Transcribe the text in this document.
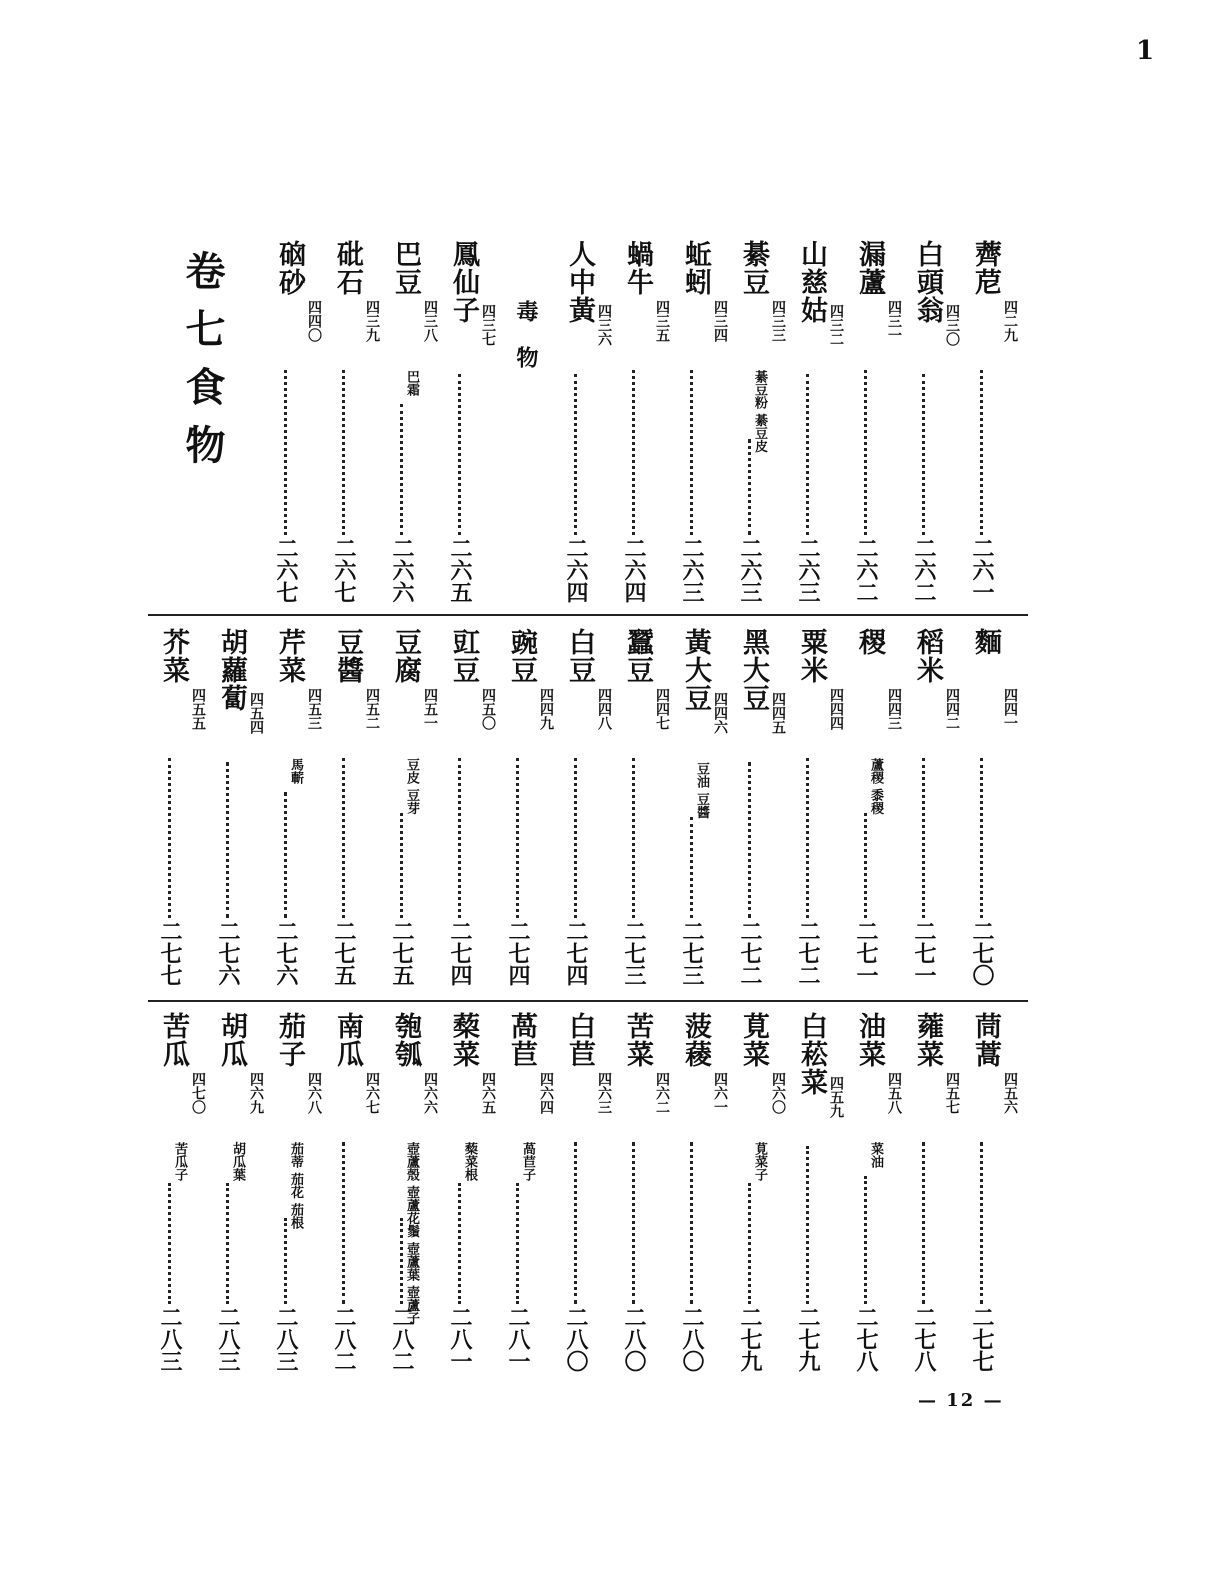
1
卷七食物	薺苨
四二九
二六一
白頭翁
四三〇
二六二
漏蘆
四三一
二六二
山慈姑
四三二
二六三
綦豆
四三三
綦豆粉 綦豆皮
二六三
蚯蚓
四三四
二六三
蝸牛
四三五
二六四
人中黃
四三六
二六四
毒物
鳳仙子
四三七
二六五
巴豆
四三八
巴霜
二六六
砒石
四三九
二六七
硇砂
四四〇
二六七
麵
四四一
二七〇
稻米
四四二
二七一
稷
四四三
蘆稷 黍稷
二七一
粟米
四四四
二七二
黑大豆
四四五
二七二
黃大豆
四四六
豆油 豆醬
二七三
蠶豆
四四七
二七三
白豆
四四八
二七四
豌豆
四四九
二七四
豇豆
四五〇
二七四
豆腐
四五一
豆皮 豆芽
二七五
豆醬
四五二
二七五
芹菜
四五三
馬蘄
二七六
胡蘿蔔
四五四
二七六
芥菜
四五五
二七七
茼蒿
四五六
二七七
蕹菜
四五七
二七八
油菜
四五八
菜油
二七八
白菘菜
四五九
二七九
莧菜
四六〇
莧菜子
二七九
菠薐
四六一
二八〇
苦菜
四六二
二八〇
白苣
四六三
二八〇
萵苣
四六四
萵苣子
二八一
蔾菜
四六五
蔾菜根
二八一
匏瓠
四六六
壺蘆殼 壺蘆花鬚 壺蘆葉 壺蘆子
二八二
南瓜
四六七
二八二
茄子
四六八
茄蒂 茄花 茄根
二八三
胡瓜
四六九
胡瓜葉
二八三
苦瓜
四七〇
苦瓜子
二八三
— 12 —
